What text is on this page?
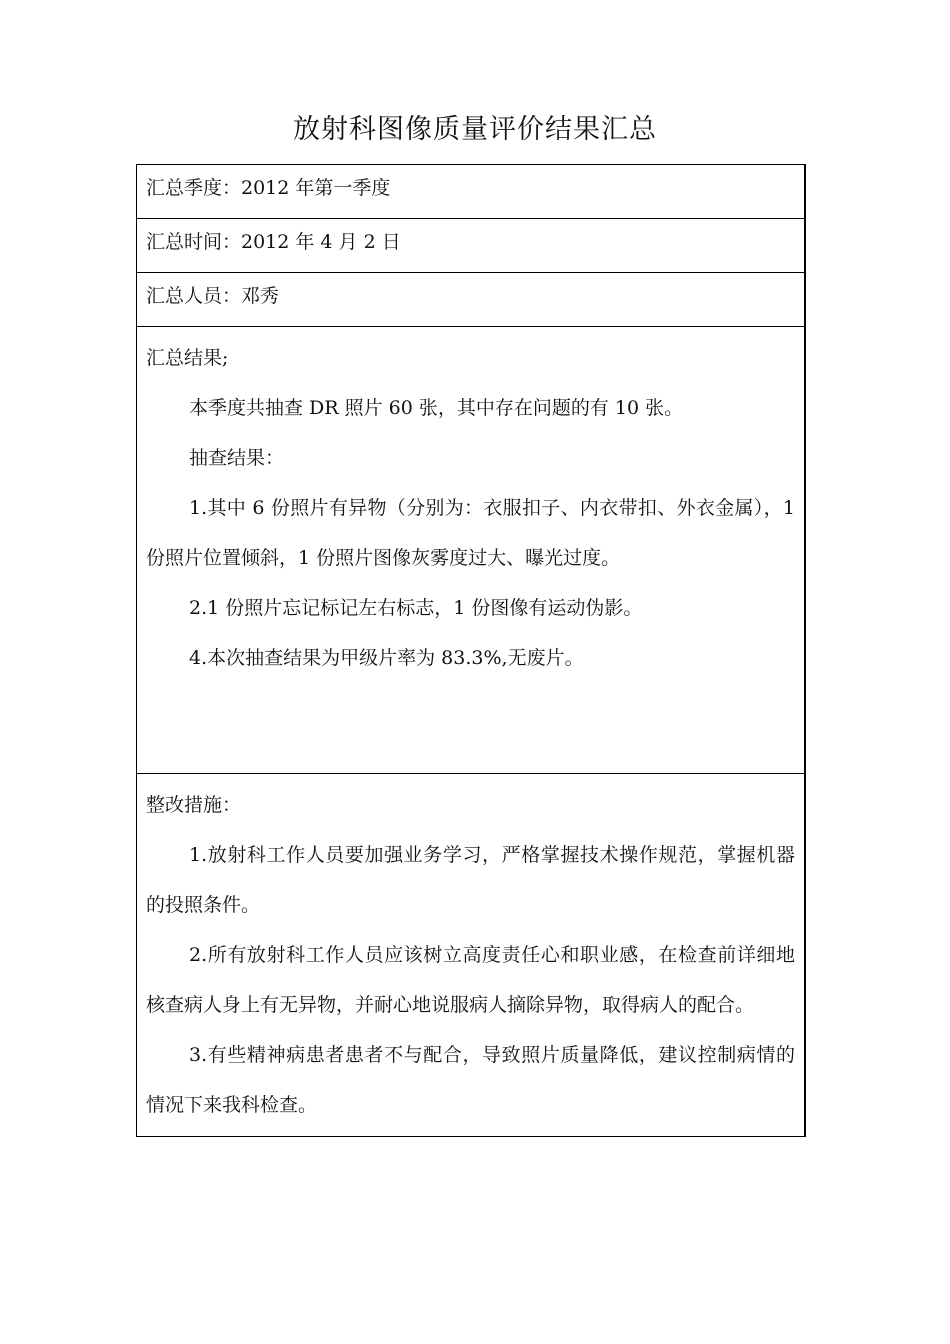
放射科图像质量评价结果汇总
汇总季度：2012 年第一季度
汇总时间：2012 年 4 月 2 日
汇总人员：邓秀

汇总结果;

本季度共抽查 DR 照片 60 张，其中存在问题的有 10 张。

抽查结果：

1.其中 6 份照片有异物（分别为：衣服扣子、内衣带扣、外衣金属），1 份照片位置倾斜，1 份照片图像灰雾度过大、曝光过度。

2.1 份照片忘记标记左右标志，1 份图像有运动伪影。

4.本次抽查结果为甲级片率为 83.3%,无废片。

整改措施：

1.放射科工作人员要加强业务学习，严格掌握技术操作规范，掌握机器的投照条件。

2.所有放射科工作人员应该树立高度责任心和职业感，在检查前详细地核查病人身上有无异物，并耐心地说服病人摘除异物，取得病人的配合。

3.有些精神病患者患者不与配合，导致照片质量降低，建议控制病情的情况下来我科检查。
